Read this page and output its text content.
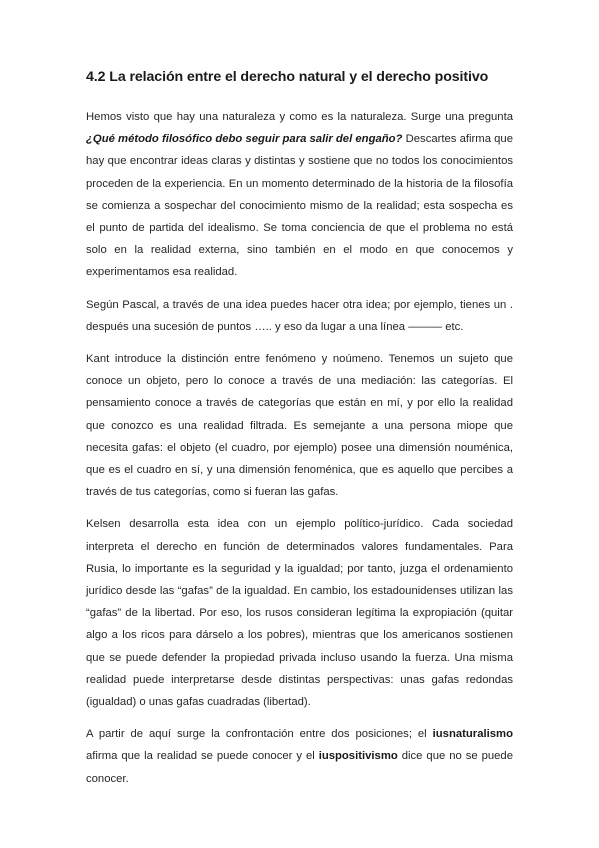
4.2 La relación entre el derecho natural y el derecho positivo

Hemos visto que hay una naturaleza y como es la naturaleza. Surge una pregunta ¿Qué método filosófico debo seguir para salir del engaño? Descartes afirma que hay que encontrar ideas claras y distintas y sostiene que no todos los conocimientos proceden de la experiencia. En un momento determinado de la historia de la filosofía se comienza a sospechar del conocimiento mismo de la realidad; esta sospecha es el punto de partida del idealismo. Se toma conciencia de que el problema no está solo en la realidad externa, sino también en el modo en que conocemos y experimentamos esa realidad.

Según Pascal, a través de una idea puedes hacer otra idea; por ejemplo, tienes un . después una sucesión de puntos ….. y eso da lugar a una línea ——— etc.

Kant introduce la distinción entre fenómeno y noúmeno. Tenemos un sujeto que conoce un objeto, pero lo conoce a través de una mediación: las categorías. El pensamiento conoce a través de categorías que están en mí, y por ello la realidad que conozco es una realidad filtrada. Es semejante a una persona miope que necesita gafas: el objeto (el cuadro, por ejemplo) posee una dimensión nouménica, que es el cuadro en sí, y una dimensión fenoménica, que es aquello que percibes a través de tus categorías, como si fueran las gafas.

Kelsen desarrolla esta idea con un ejemplo político-jurídico. Cada sociedad interpreta el derecho en función de determinados valores fundamentales. Para Rusia, lo importante es la seguridad y la igualdad; por tanto, juzga el ordenamiento jurídico desde las “gafas” de la igualdad. En cambio, los estadounidenses utilizan las “gafas” de la libertad. Por eso, los rusos consideran legítima la expropiación (quitar algo a los ricos para dárselo a los pobres), mientras que los americanos sostienen que se puede defender la propiedad privada incluso usando la fuerza. Una misma realidad puede interpretarse desde distintas perspectivas: unas gafas redondas (igualdad) o unas gafas cuadradas (libertad).

A partir de aquí surge la confrontación entre dos posiciones; el iusnaturalismo afirma que la realidad se puede conocer y el iuspositivismo dice que no se puede conocer.
